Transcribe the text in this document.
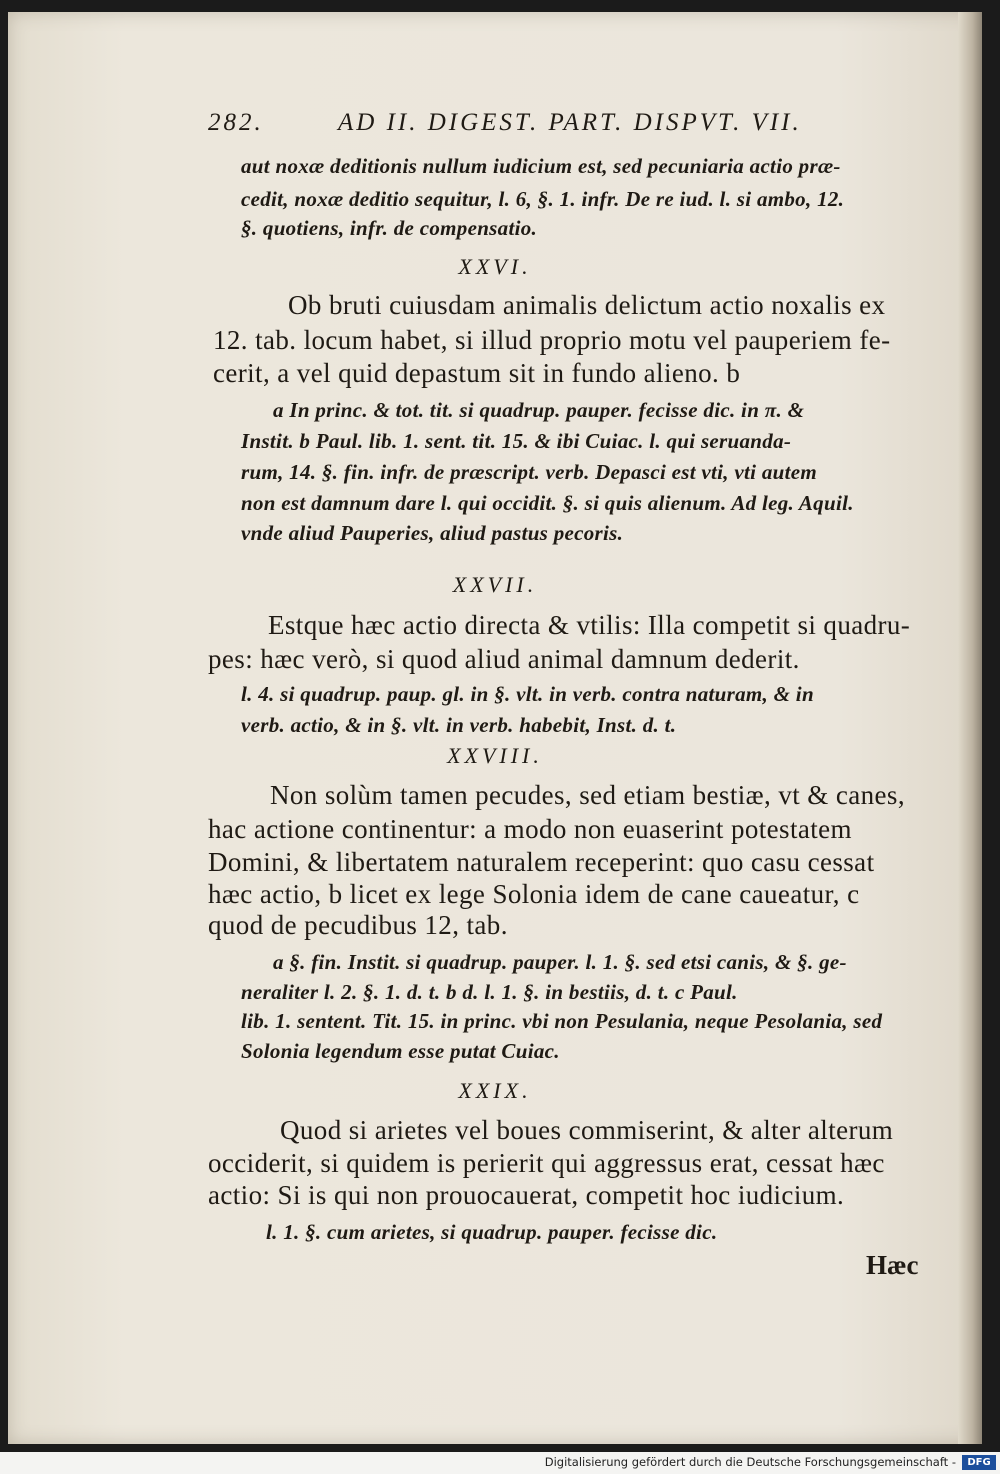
282.	AD II. DIGEST. PART. DISPVT. VII.
aut noxæ deditionis nullum iudicium est, sed pecuniaria actio præ-
cedit, noxæ deditio sequitur, l. 6, §. 1. infr. De re iud. l. si ambo, 12.
§. quotiens, infr. de compensatio.
XXVI.
Ob bruti cuiusdam animalis delictum actio noxalis ex
12. tab. locum habet, si illud proprio motu vel pauperiem fe-
cerit, a vel quid depastum sit in fundo alieno. b
a In princ. & tot. tit. si quadrup. pauper. fecisse dic. in π. &
Instit. b Paul. lib. 1. sent. tit. 15. & ibi Cuiac. l. qui seruanda-
rum, 14. §. fin. infr. de præscript. verb. Depasci est vti, vti autem
non est damnum dare l. qui occidit. §. si quis alienum. Ad leg. Aquil.
vnde aliud Pauperies, aliud pastus pecoris.
XXVII.
Estque hæc actio directa & vtilis: Illa competit si quadru-
pes: hæc verò, si quod aliud animal damnum dederit.
l. 4. si quadrup. paup. gl. in §. vlt. in verb. contra naturam, & in
verb. actio, & in §. vlt. in verb. habebit, Inst. d. t.
XXVIII.
Non solùm tamen pecudes, sed etiam bestiæ, vt & canes,
hac actione continentur: a modo non euaserint potestatem
Domini, & libertatem naturalem receperint: quo casu cessat
hæc actio, b licet ex lege Solonia idem de cane caueatur, c
quod de pecudibus 12, tab.
a §. fin. Instit. si quadrup. pauper. l. 1. §. sed etsi canis, & §. ge-
neraliter l. 2. §. 1. d. t. b d. l. 1. §. in bestiis, d. t. c Paul.
lib. 1. sentent. Tit. 15. in princ. vbi non Pesulania, neque Pesolania, sed
Solonia legendum esse putat Cuiac.
XXIX.
Quod si arietes vel boues commiserint, & alter alterum
occiderit, si quidem is perierit qui aggressus erat, cessat hæc
actio: Si is qui non prouocauerat, competit hoc iudicium.
l. 1. §. cum arietes, si quadrup. pauper. fecisse dic.
Hæc
Digitalisierung gefördert durch die Deutsche Forschungsgemeinschaft -	DFG
